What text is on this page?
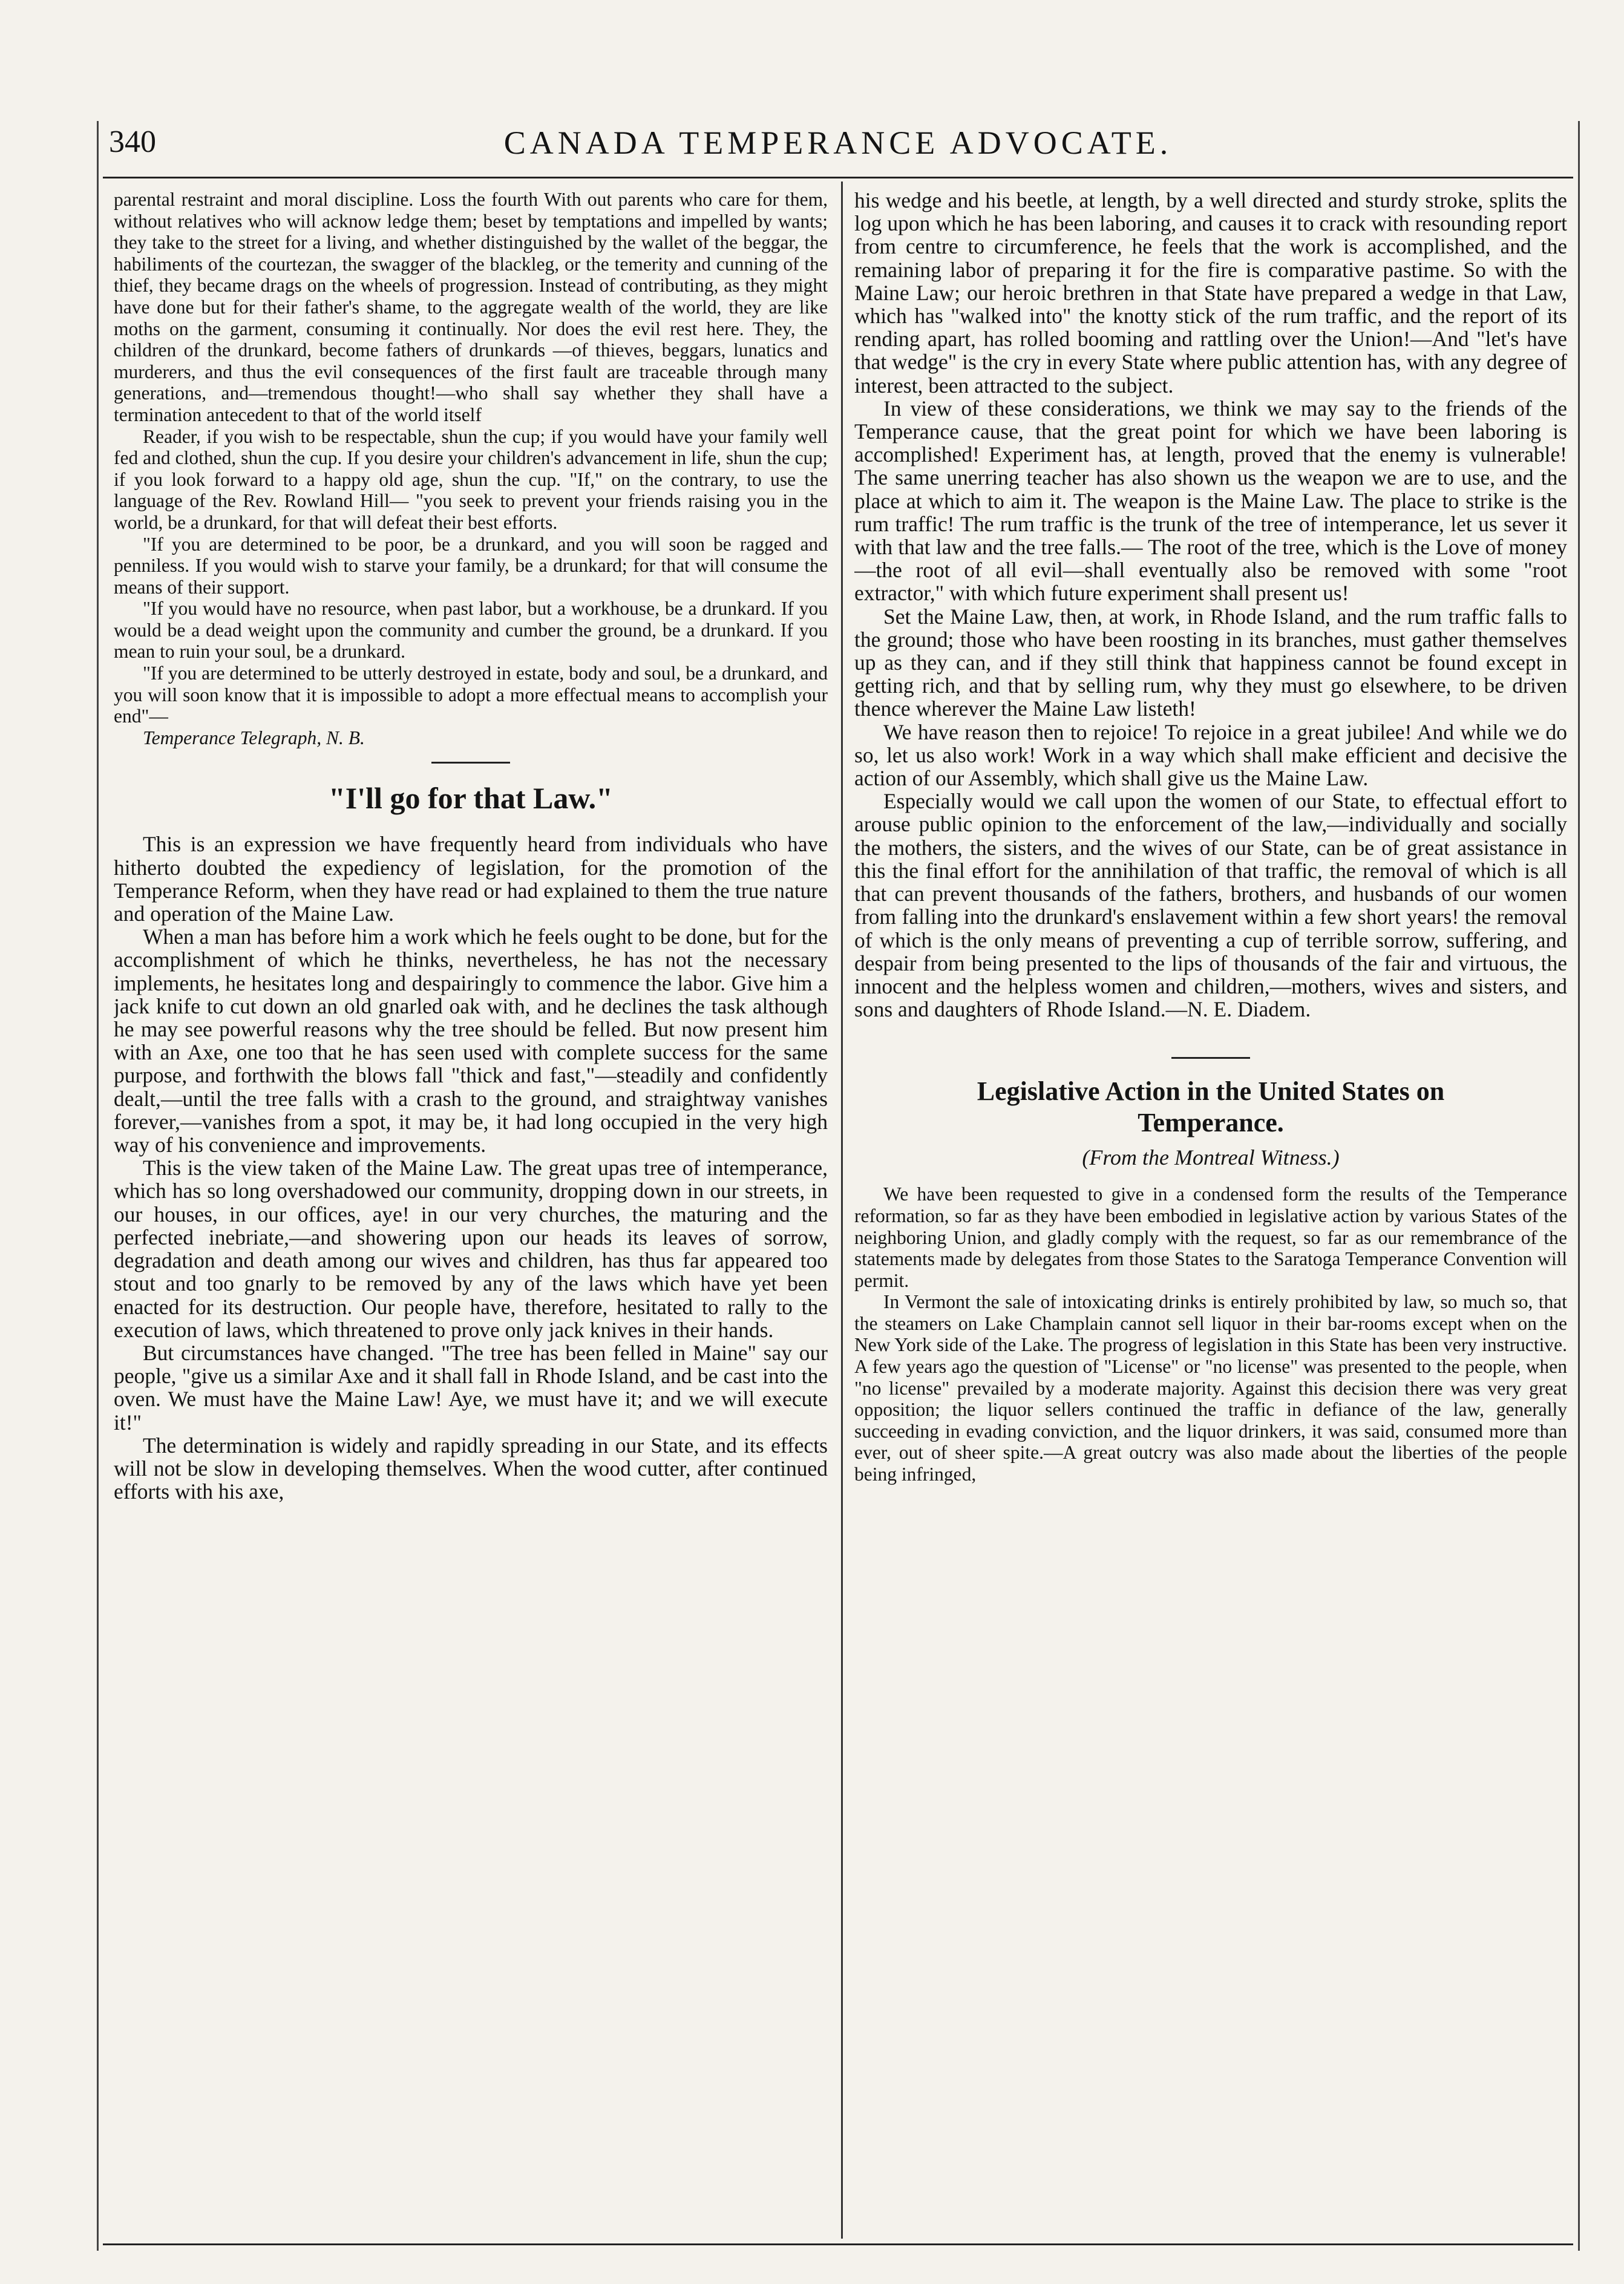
340	CANADA TEMPERANCE ADVOCATE.

parental restraint and moral discipline. Loss the fourth With out parents who care for them, without relatives who will acknow ledge them; beset by temptations and impelled by wants; they take to the street for a living, and whether distinguished by the wallet of the beggar, the habiliments of the courtezan, the swagger of the blackleg, or the temerity and cunning of the thief, they became drags on the wheels of progression. Instead of contributing, as they might have done but for their father's shame, to the aggregate wealth of the world, they are like moths on the garment, consuming it continually. Nor does the evil rest here. They, the children of the drunkard, become fathers of drunkards —of thieves, beggars, lunatics and murderers, and thus the evil consequences of the first fault are traceable through many generations, and—tremendous thought!—who shall say whether they shall have a termination antecedent to that of the world itself

Reader, if you wish to be respectable, shun the cup; if you would have your family well fed and clothed, shun the cup. If you desire your children's advancement in life, shun the cup; if you look forward to a happy old age, shun the cup. "If," on the contrary, to use the language of the Rev. Rowland Hill— "you seek to prevent your friends raising you in the world, be a drunkard, for that will defeat their best efforts.

"If you are determined to be poor, be a drunkard, and you will soon be ragged and penniless. If you would wish to starve your family, be a drunkard; for that will consume the means of their support.

"If you would have no resource, when past labor, but a workhouse, be a drunkard. If you would be a dead weight upon the community and cumber the ground, be a drunkard. If you mean to ruin your soul, be a drunkard.

"If you are determined to be utterly destroyed in estate, body and soul, be a drunkard, and you will soon know that it is impossible to adopt a more effectual means to accomplish your end"—

Temperance Telegraph, N. B.

"I'll go for that Law."

This is an expression we have frequently heard from individuals who have hitherto doubted the expediency of legislation, for the promotion of the Temperance Reform, when they have read or had explained to them the true nature and operation of the Maine Law.

When a man has before him a work which he feels ought to be done, but for the accomplishment of which he thinks, nevertheless, he has not the necessary implements, he hesitates long and despairingly to commence the labor. Give him a jack knife to cut down an old gnarled oak with, and he declines the task although he may see powerful reasons why the tree should be felled. But now present him with an Axe, one too that he has seen used with complete success for the same purpose, and forthwith the blows fall "thick and fast,"—steadily and confidently dealt,—until the tree falls with a crash to the ground, and straightway vanishes forever,—vanishes from a spot, it may be, it had long occupied in the very high way of his convenience and improvements.

This is the view taken of the Maine Law. The great upas tree of intemperance, which has so long overshadowed our community, dropping down in our streets, in our houses, in our offices, aye! in our very churches, the maturing and the perfected inebriate,—and showering upon our heads its leaves of sorrow, degradation and death among our wives and children, has thus far appeared too stout and too gnarly to be removed by any of the laws which have yet been enacted for its destruction. Our people have, therefore, hesitated to rally to the execution of laws, which threatened to prove only jack knives in their hands.

But circumstances have changed. "The tree has been felled in Maine" say our people, "give us a similar Axe and it shall fall in Rhode Island, and be cast into the oven. We must have the Maine Law! Aye, we must have it; and we will execute it!"

The determination is widely and rapidly spreading in our State, and its effects will not be slow in developing themselves. When the wood cutter, after continued efforts with his axe,

his wedge and his beetle, at length, by a well directed and sturdy stroke, splits the log upon which he has been laboring, and causes it to crack with resounding report from centre to circumference, he feels that the work is accomplished, and the remaining labor of preparing it for the fire is comparative pastime. So with the Maine Law; our heroic brethren in that State have prepared a wedge in that Law, which has "walked into" the knotty stick of the rum traffic, and the report of its rending apart, has rolled booming and rattling over the Union!—And "let's have that wedge" is the cry in every State where public attention has, with any degree of interest, been attracted to the subject.

In view of these considerations, we think we may say to the friends of the Temperance cause, that the great point for which we have been laboring is accomplished! Experiment has, at length, proved that the enemy is vulnerable! The same unerring teacher has also shown us the weapon we are to use, and the place at which to aim it. The weapon is the Maine Law. The place to strike is the rum traffic! The rum traffic is the trunk of the tree of intemperance, let us sever it with that law and the tree falls.— The root of the tree, which is the Love of money—the root of all evil—shall eventually also be removed with some "root extractor," with which future experiment shall present us!

Set the Maine Law, then, at work, in Rhode Island, and the rum traffic falls to the ground; those who have been roosting in its branches, must gather themselves up as they can, and if they still think that happiness cannot be found except in getting rich, and that by selling rum, why they must go elsewhere, to be driven thence wherever the Maine Law listeth!

We have reason then to rejoice! To rejoice in a great jubilee! And while we do so, let us also work! Work in a way which shall make efficient and decisive the action of our Assembly, which shall give us the Maine Law.

Especially would we call upon the women of our State, to effectual effort to arouse public opinion to the enforcement of the law,—individually and socially the mothers, the sisters, and the wives of our State, can be of great assistance in this the final effort for the annihilation of that traffic, the removal of which is all that can prevent thousands of the fathers, brothers, and husbands of our women from falling into the drunkard's enslavement within a few short years! the removal of which is the only means of preventing a cup of terrible sorrow, suffering, and despair from being presented to the lips of thousands of the fair and virtuous, the innocent and the helpless women and children,—mothers, wives and sisters, and sons and daughters of Rhode Island.—N. E. Diadem.

Legislative Action in the United States on
Temperance.
(From the Montreal Witness.)

We have been requested to give in a condensed form the results of the Temperance reformation, so far as they have been embodied in legislative action by various States of the neighboring Union, and gladly comply with the request, so far as our remembrance of the statements made by delegates from those States to the Saratoga Temperance Convention will permit.

In Vermont the sale of intoxicating drinks is entirely prohibited by law, so much so, that the steamers on Lake Champlain cannot sell liquor in their bar-rooms except when on the New York side of the Lake. The progress of legislation in this State has been very instructive. A few years ago the question of "License" or "no license" was presented to the people, when "no license" prevailed by a moderate majority. Against this decision there was very great opposition; the liquor sellers continued the traffic in defiance of the law, generally succeeding in evading conviction, and the liquor drinkers, it was said, consumed more than ever, out of sheer spite.—A great outcry was also made about the liberties of the people being infringed,
